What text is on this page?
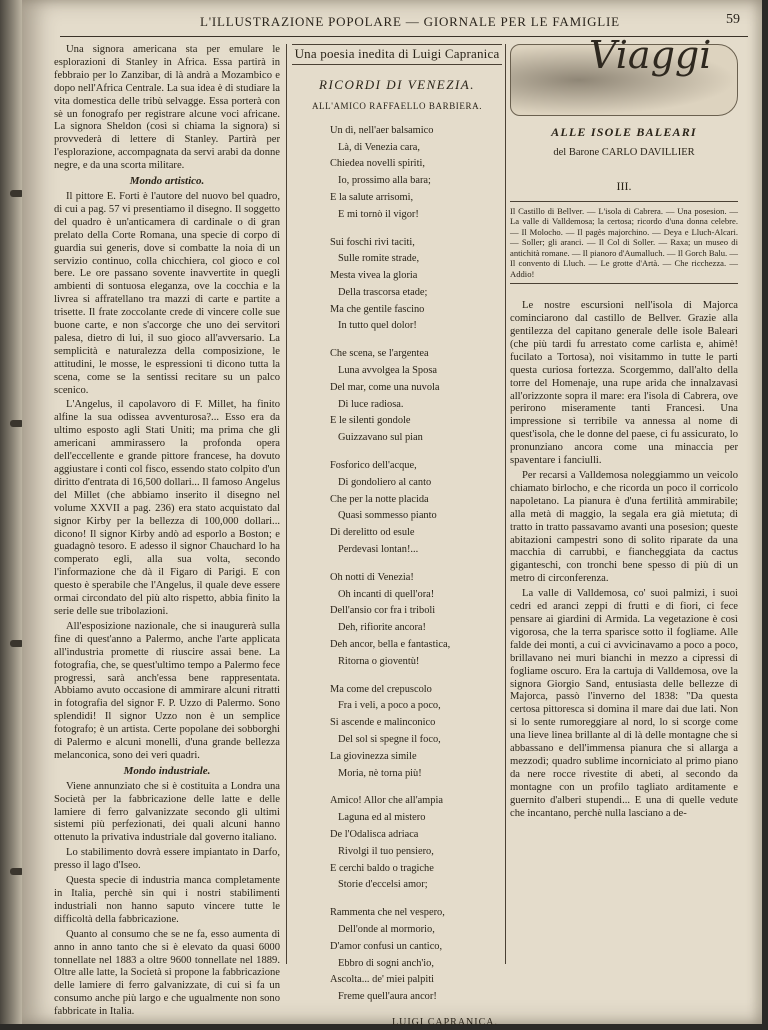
L'ILLUSTRAZIONE POPOLARE — GIORNALE PER LE FAMIGLIE	59

Una signora americana sta per emulare le esplorazioni di Stanley in Africa. Essa partirà in febbraio per lo Zanzibar, di là andrà a Mozambico e dopo nell'Africa Centrale. La sua idea è di studiare la vita domestica delle tribù selvagge. Essa porterà con sè un fonografo per registrare alcune voci africane. La signora Sheldon (così si chiama la signora) si provvederà di lettere di Stanley. Partirà per l'esplorazione, accompagnata da servi arabi da donne negre, e da una scorta militare.

Mondo artistico.

Il pittore E. Forti è l'autore del nuovo bel quadro, di cui a pag. 57 vi presentiamo il disegno. Il soggetto del quadro è un'anticamera di cardinale o di gran prelato della Corte Romana, una specie di corpo di guardia sui generis, dove si combatte la noia di un servizio continuo, colla chicchiera, col gioco e col bere. Le ore passano sovente inavvertite in quegli ambienti di sontuosa eleganza, ove la cocchia e la livrea si affratellano tra mazzi di carte e partite a trisette. Il frate zoccolante crede di vincere colle sue buone carte, e non s'accorge che uno dei servitori palesa, dietro di lui, il suo gioco all'avversario. La semplicità e naturalezza della composizione, le attitudini, le mosse, le espressioni ti dicono tutta la scena, come se la sentissi recitare su un palco scenico.

L'Angelus, il capolavoro di F. Millet, ha finito alfine la sua odissea avventurosa?... Esso era da ultimo esposto agli Stati Uniti; ma prima che gli americani ammirassero la profonda opera dell'eccellente e grande pittore francese, ha dovuto aggiustare i conti col fisco, essendo stato colpito d'un diritto d'entrata di 16,500 dollari... Il famoso Angelus del Millet (che abbiamo inserito il disegno nel volume XXVII a pag. 236) era stato acquistato dal signor Kirby per la bellezza di 100,000 dollari... dicono! Il signor Kirby andò ad esporlo a Boston; e guadagnò tesoro. E adesso il signor Chauchard lo ha comperato egli, alla sua volta, secondo l'informazione che dà il Figaro di Parigi. E con questo è sperabile che l'Angelus, il quale deve essere ormai circondato del più alto rispetto, abbia finito la serie delle sue tribolazioni.

All'esposizione nazionale, che si inaugurerà sulla fine di quest'anno a Palermo, anche l'arte applicata all'industria promette di riuscire assai bene. La fotografia, che, se quest'ultimo tempo a Palermo fece progressi, sarà anch'essa bene rappresentata. Abbiamo avuto occasione di ammirare alcuni ritratti in fotografia del signor F. P. Uzzo di Palermo. Sono splendidi! Il signor Uzzo non è un semplice fotografo; è un artista. Certe popolane dei sobborghi di Palermo e alcuni monelli, d'una grande bellezza melanconica, sono dei veri quadri.

Mondo industriale.

Viene annunziato che si è costituita a Londra una Società per la fabbricazione delle latte e delle lamiere di ferro galvanizzate secondo gli ultimi sistemi più perfezionati, dei quali alcuni hanno ottenuto la privativa industriale dal governo italiano.

Lo stabilimento dovrà essere impiantato in Darfo, presso il lago d'Iseo.

Questa specie di industria manca completamente in Italia, perchè sin qui i nostri stabilimenti industriali non hanno saputo vincere tutte le difficoltà della fabbricazione.

Quanto al consumo che se ne fa, esso aumenta di anno in anno tanto che si è elevato da quasi 6000 tonnellate nel 1883 a oltre 9600 tonnellate nel 1889. Oltre alle latte, la Società si propone la fabbricazione delle lamiere di ferro galvanizzate, di cui si fa un consumo anche più largo e che ugualmente non sono fabbricate in Italia.

Una poesia inedita di Luigi Capranica
RICORDI DI VENEZIA.
ALL'AMICO RAFFAELLO BARBIERA.
Un dì, nell'aer balsamico
Là, di Venezia cara,
Chiedea novelli spiriti,
Io, prossimo alla bara;
E la salute arrisomi,
E mi tornò il vigor!
Sui foschi rivi taciti,
Sulle romite strade,
Mesta vivea la gloria
Della trascorsa etade;
Ma che gentile fascino
In tutto quel dolor!
Che scena, se l'argentea
Luna avvolgea la Sposa
Del mar, come una nuvola
Di luce radiosa.
E le silenti gondole
Guizzavano sul pian
Fosforico dell'acque,
Di gondoliero al canto
Che per la notte placida
Quasi sommesso pianto
Di derelitto od esule
Perdevasi lontan!...
Oh notti di Venezia!
Oh incanti di quell'ora!
Dell'ansio cor fra i triboli
Deh, rifiorite ancora!
Deh ancor, bella e fantastica,
Ritorna o gioventù!
Ma come del crepuscolo
Fra i veli, a poco a poco,
Si ascende e malinconico
Del sol si spegne il foco,
La giovinezza simile
Moria, nè torna più!
Amico! Allor che all'ampia
Laguna ed al mistero
De l'Odalisca adriaca
Rivolgi il tuo pensiero,
E cerchi baldo o tragiche
Storie d'eccelsi amor;
Rammenta che nel vespero,
Dell'onde al mormorio,
D'amor confusi un cantico,
Ebbro di sogni anch'io,
Ascolta... de' miei palpiti
Freme quell'aura ancor!
LUIGI CAPRANICA.
Viaggi
ALLE ISOLE BALEARI
del Barone CARLO DAVILLIER
III.

Il Castillo di Bellver. — L'isola di Cabrera. — Una posesion. — La valle di Valldemosa; la certosa; ricordo d'una donna celebre. — Il Molocho. — Il pagès majorchino. — Deya e Lluch-Alcari. — Soller; gli aranci. — Il Col di Soller. — Raxa; un museo di antichità romane. — Il pianoro d'Aumalluch. — Il Gorch Balu. — Il convento di Lluch. — Le grotte d'Artà. — Che ricchezza. — Addio!

Le nostre escursioni nell'isola di Majorca cominciarono dal castillo de Bellver. Grazie alla gentilezza del capitano generale delle isole Baleari (che più tardi fu arrestato come carlista e, ahimè! fucilato a Tortosa), noi visitammo in tutte le parti questa curiosa fortezza. Scorgemmo, dall'alto della torre del Homenaje, una rupe arida che innalzavasi all'orizzonte sopra il mare: era l'isola di Cabrera, ove perirono miseramente tanti Francesi. Una impressione sì terribile va annessa al nome di quest'isola, che le donne del paese, ci fu assicurato, lo pronunziano ancora come una minaccia per spaventare i fanciulli.

Per recarsi a Valldemosa noleggiammo un veicolo chiamato birlocho, e che ricorda un poco il corricolo napoletano. La pianura è d'una fertilità ammirabile; alla metà di maggio, la segala era già mietuta; di tratto in tratto passavamo avanti una posesion; queste abitazioni campestri sono di solito riparate da una macchia di carrubbi, e fiancheggiata da cactus giganteschi, con tronchi bene spesso di più di un metro di circonferenza.

La valle di Valldemosa, co' suoi palmizi, i suoi cedri ed aranci zeppi di frutti e di fiori, ci fece pensare ai giardini di Armida. La vegetazione è così vigorosa, che la terra sparisce sotto il fogliame. Alle falde dei monti, a cui ci avvicinavamo a poco a poco, brillavano nei muri bianchi in mezzo a cipressi di fogliame oscuro. Era la cartuja di Valldemosa, ove la signora Giorgio Sand, entusiasta delle bellezze di Majorca, passò l'inverno del 1838: "Da questa certosa pittoresca si domina il mare dai due lati. Non si lo sente rumoreggiare al nord, lo si scorge come una lieve linea brillante al di là delle montagne che si abbassano e dell'immensa pianura che si allarga a mezzodì; quadro sublime incorniciato al primo piano da nere rocce rivestite di abeti, al secondo da montagne con un profilo tagliato arditamente e guernito d'alberi stupendi... E una di quelle vedute che incantano, perchè nulla lasciano a de-
